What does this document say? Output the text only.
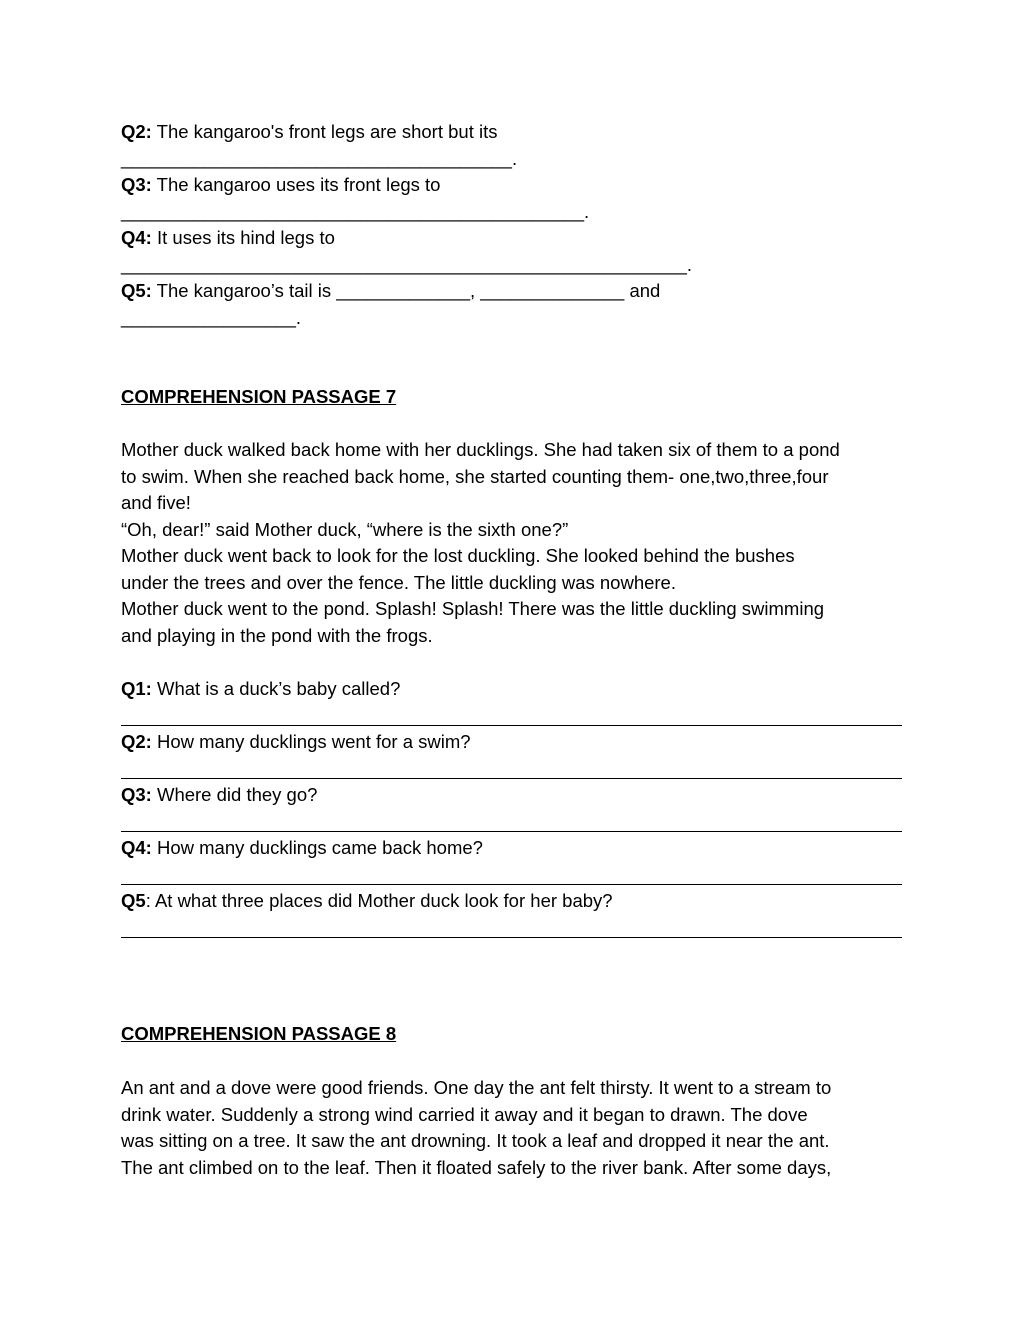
Q2: The kangaroo's front legs are short but its
______________________________________.
Q3: The kangaroo uses its front legs to
_____________________________________________.
Q4: It uses its hind legs to
_______________________________________________________.
Q5: The kangaroo’s tail is _____________, ______________ and
_________________.
COMPREHENSION PASSAGE 7

Mother duck walked back home with her ducklings. She had taken six of them to a pond

to swim. When she reached back home, she started counting them- one,two,three,four

and five!

“Oh, dear!” said Mother duck, “where is the sixth one?”

Mother duck went back to look for the lost duckling. She looked behind the bushes

under the trees and over the fence. The little duckling was nowhere.

Mother duck went to the pond. Splash! Splash! There was the little duckling swimming

and playing in the pond with the frogs.

Q1: What is a duck’s baby called?
Q2: How many ducklings went for a swim?
Q3: Where did they go?
Q4: How many ducklings came back home?
Q5: At what three places did Mother duck look for her baby?
COMPREHENSION PASSAGE 8

An ant and a dove were good friends. One day the ant felt thirsty. It went to a stream to

drink water. Suddenly a strong wind carried it away and it began to drawn. The dove

was sitting on a tree. It saw the ant drowning. It took a leaf and dropped it near the ant.

The ant climbed on to the leaf. Then it floated safely to the river bank. After some days,
